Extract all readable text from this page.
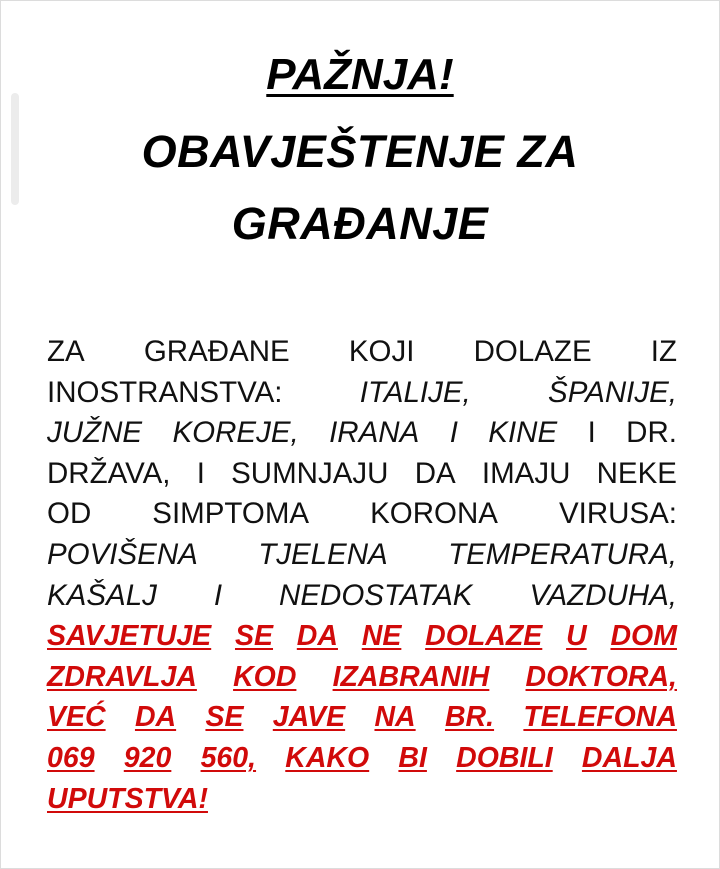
PAŽNJA!
OBAVJEŠTENJE ZA
GRAĐANJE
ZA GRAĐANE KOJI DOLAZE IZ
INOSTRANSTVA:	ITALIJE,	ŠPANIJE,
JUŽNE KOREJE, IRANA I KINE I DR.
DRŽAVA, I SUMNJAJU DA IMAJU NEKE
OD SIMPTOMA KORONA VIRUSA:
POVIŠENA TJELENA TEMPERATURA,
KAŠALJ I NEDOSTATAK VAZDUHA,
SAVJETUJE SE DA NE DOLAZE U DOM
ZDRAVLJA KOD IZABRANIH DOKTORA,
VEĆ DA SE JAVE NA BR. TELEFONA
069 920 560, KAKO BI DOBILI DALJA
UPUTSTVA!
